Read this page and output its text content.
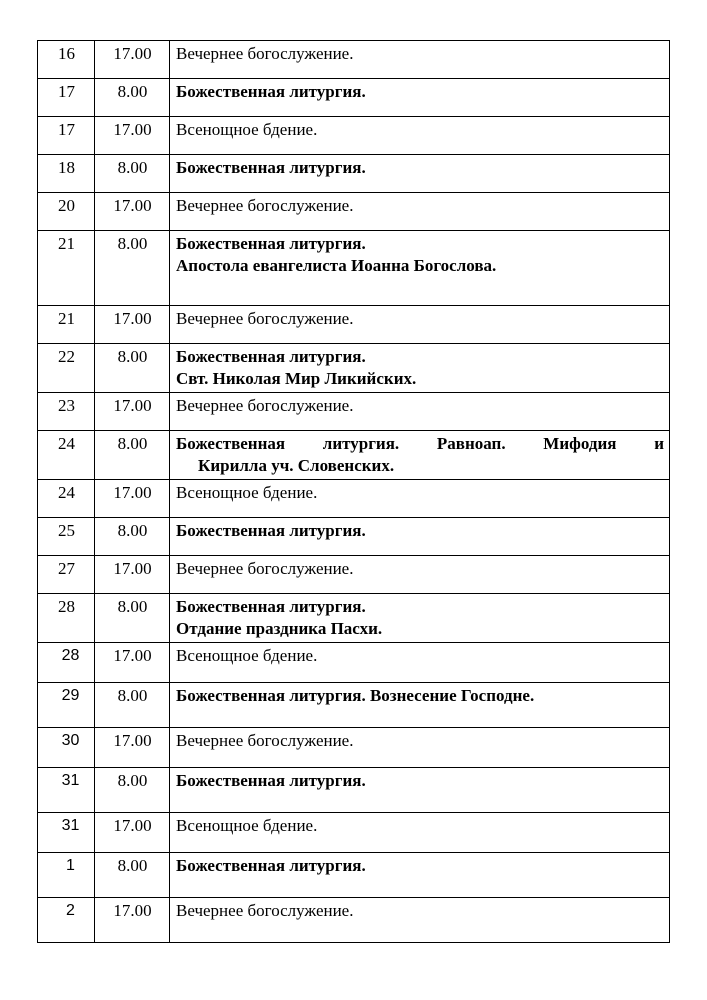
16	17.00	Вечернее богослужение.

17	8.00	Божественная литургия.

17	17.00	Всенощное бдение.

18	8.00	Божественная литургия.

20	17.00	Вечернее богослужение.

21	8.00	Божественная литургия.
Апостола евангелиста Иоанна Богослова.

21	17.00	Вечернее богослужение.

22	8.00	Божественная литургия.
Свт. Николая Мир Ликийских.

23	17.00	Вечернее богослужение.

24	8.00	Божественная литургия. Равноап. Мифодия и
Кирилла уч. Словенских.

24	17.00	Всенощное бдение.

25	8.00	Божественная литургия.

27	17.00	Вечернее богослужение.

28	8.00	Божественная литургия.
Отдание праздника Пасхи.

28	17.00	Всенощное бдение.

29	8.00	Божественная литургия. Вознесение Господне.

30	17.00	Вечернее богослужение.

31	8.00	Божественная литургия.

31	17.00	Всенощное бдение.

1	8.00	Божественная литургия.

2	17.00	Вечернее богослужение.
